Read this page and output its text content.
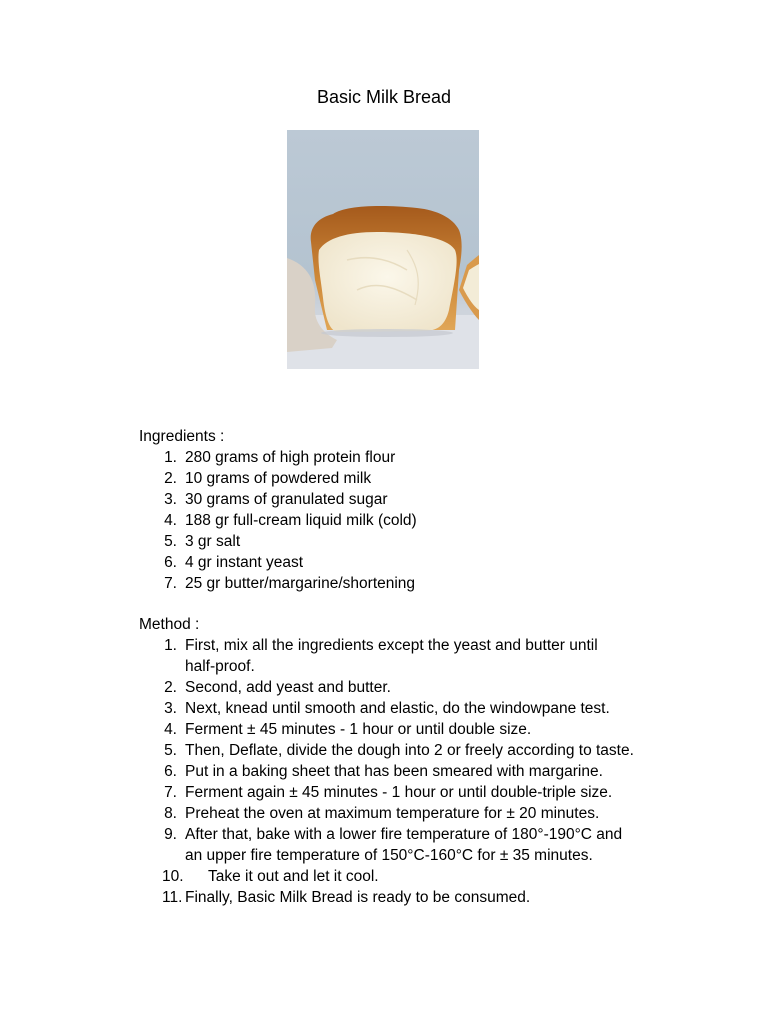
Basic Milk Bread
Ingredients :
1. 280 grams of high protein flour
2. 10 grams of powdered milk
3. 30 grams of granulated sugar
4. 188 gr full-cream liquid milk (cold)
5. 3 gr salt
6. 4 gr instant yeast
7. 25 gr butter/margarine/shortening
Method :
1. First, mix all the ingredients except the yeast and butter until
half-proof.
2. Second, add yeast and butter.
3. Next, knead until smooth and elastic, do the windowpane test.
4. Ferment ± 45 minutes - 1 hour or until double size.
5. Then, Deflate, divide the dough into 2 or freely according to taste.
6. Put in a baking sheet that has been smeared with margarine.
7. Ferment again ± 45 minutes - 1 hour or until double-triple size.
8. Preheat the oven at maximum temperature for ± 20 minutes.
9. After that, bake with a lower fire temperature of 180°-190°C and
an upper fire temperature of 150°C-160°C for ± 35 minutes.
10. Take it out and let it cool.
11. Finally, Basic Milk Bread is ready to be consumed.
